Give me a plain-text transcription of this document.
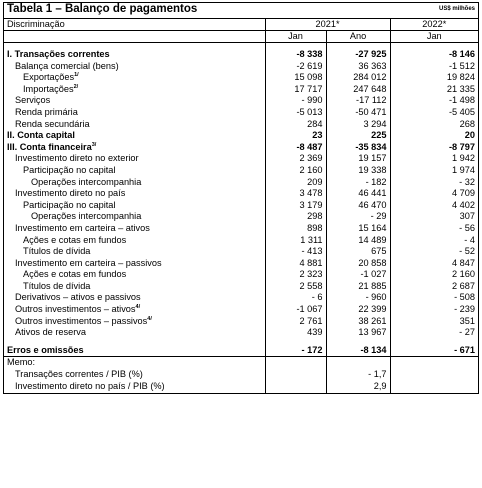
Tabela 1 – Balanço de pagamentos	US$ milhões
Discriminação	2021*		2022*
	Jan	Ano	Jan

I. Transações correntes	-8 338	-27 925	-8 146
Balança comercial (bens)	-2 619	36 363	-1 512
Exportações$^{1/}$	15 098	284 012	19 824
Importações$^{2/}$	17 717	247 648	21 335
Serviços	- 990	-17 112	-1 498
Renda primária	-5 013	-50 471	-5 405
Renda secundária	284	3 294	268
II. Conta capital	23	225	20
III. Conta financeira$^{3/}$	-8 487	-35 834	-8 797
Investimento direto no exterior	2 369	19 157	1 942
Participação no capital	2 160	19 338	1 974
Operações intercompanhia	209	- 182	- 32
Investimento direto no país	3 478	46 441	4 709
Participação no capital	3 179	46 470	4 402
Operações intercompanhia	298	- 29	307
Investimento em carteira – ativos	898	15 164	- 56
Ações e cotas em fundos	1 311	14 489	- 4
Títulos de dívida	- 413	675	- 52
Investimento em carteira – passivos	4 881	20 858	4 847
Ações e cotas em fundos	2 323	-1 027	2 160
Títulos de dívida	2 558	21 885	2 687
Derivativos – ativos e passivos	- 6	- 960	- 508
Outros investimentos – ativos$^{4/}$	-1 067	22 399	- 239
Outros investimentos – passivos$^{4/}$	2 761	38 261	351
Ativos de reserva	439	13 967	- 27

Erros e omissões	- 172	-8 134	- 671
Memo:			
Transações correntes / PIB (%)		- 1,7	
Investimento direto no país / PIB (%)		2,9	
